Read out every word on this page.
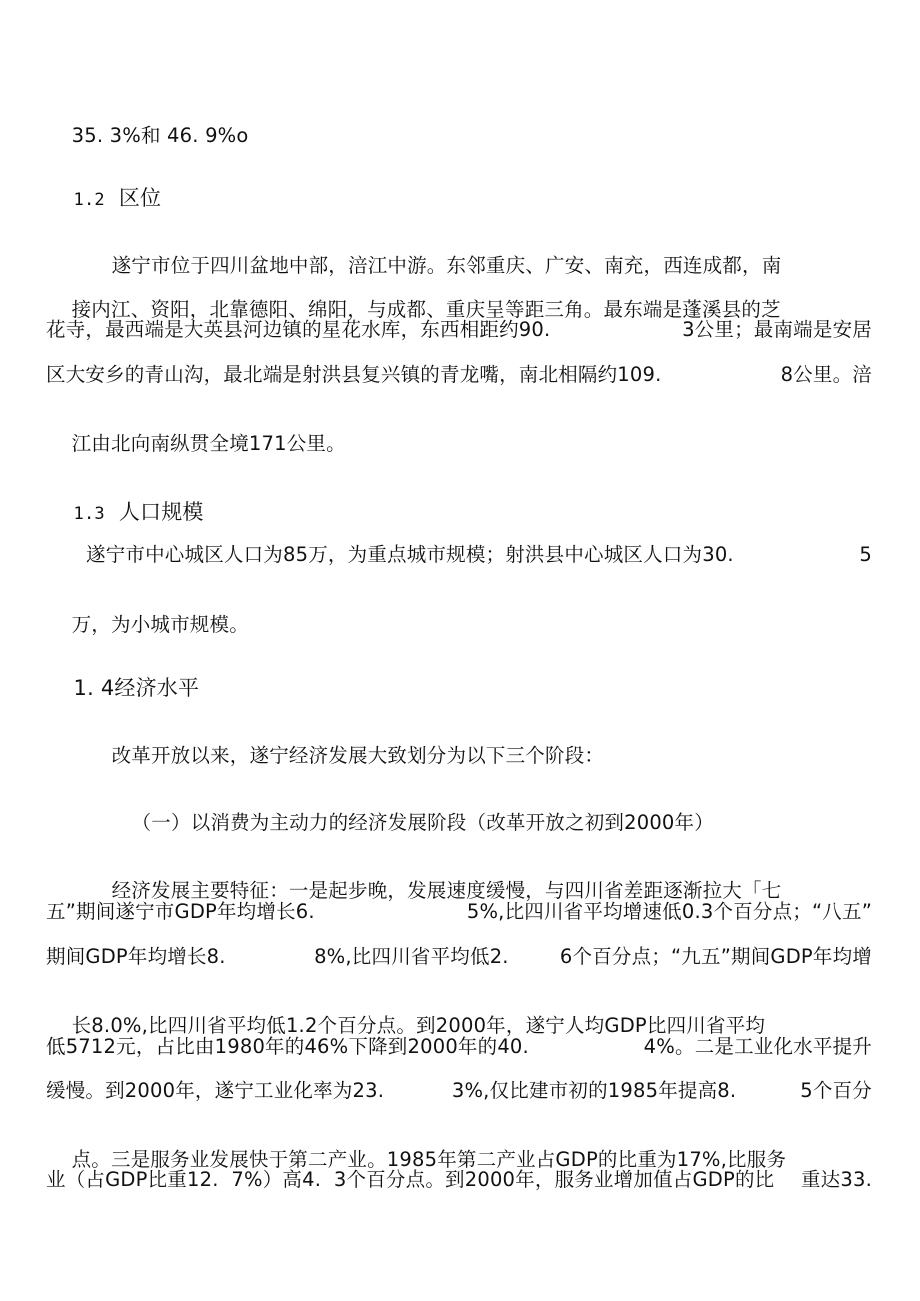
35. 3%和 46. 9%o

1.2 区位

遂宁市位于四川盆地中部，涪江中游。东邻重庆、广安、南充，西连成都，南

接内江、资阳，北靠德阳、绵阳，与成都、重庆呈等距三角。最东端是蓬溪县的芝

花寺，最西端是大英县河边镇的星花水库，东西相距约90.	3公里；最南端是安居
区大安乡的青山沟，最北端是射洪县复兴镇的青龙嘴，南北相隔约109.	8公里。涪

江由北向南纵贯全境171公里。

1.3 人口规模

遂宁市中心城区人口为85万，为重点城市规模；射洪县中心城区人口为30.	5

万，为小城市规模。

1. 4经济水平

改革开放以来，遂宁经济发展大致划分为以下三个阶段：

（一）以消费为主动力的经济发展阶段（改革开放之初到2000年）

经济发展主要特征：一是起步晚，发展速度缓慢，与四川省差距逐渐拉大「七

五”期间遂宁市GDP年均增长6.	5%,比四川省平均增速低0.3个百分点；“八五”
期间GDP年均增长8.	8%,比四川省平均低2.        6个百分点；“九五”期间GDP年均增

长8.0%,比四川省平均低1.2个百分点。到2000年，遂宁人均GDP比四川省平均

低5712元，占比由1980年的46%下降到2000年的40.	4%。二是工业化水平提升
缓慢。到2000年，遂宁工业化率为23.	3%,仅比建市初的1985年提高8.          5个百分

点。三是服务业发展快于第二产业。1985年第二产业占GDP的比重为17%,比服务

业（占GDP比重12.  7%）高4.  3个百分点。到2000年，服务业增加值占GDP的比 重达33.
